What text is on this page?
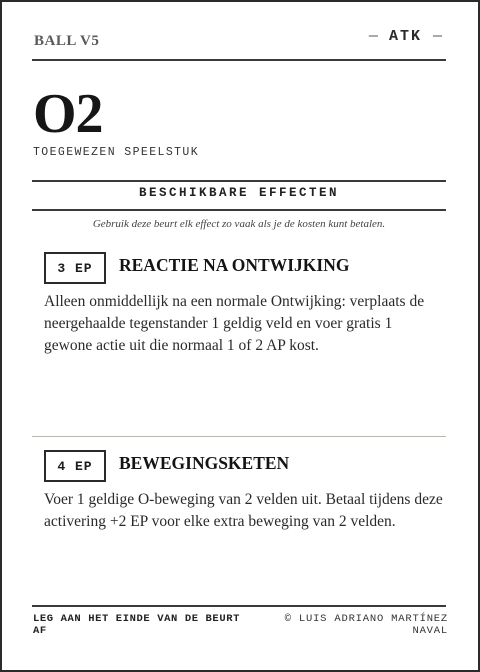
BALL V5	— ATK —
O2
TOEGEWEZEN SPEELSTUK
BESCHIKBARE EFFECTEN
Gebruik deze beurt elk effect zo vaak als je de kosten kunt betalen.
3 EP	REACTIE NA ONTWIJKING
Alleen onmiddellijk na een normale Ontwijking: verplaats de neergehaalde tegenstander 1 geldig veld en voer gratis 1 gewone actie uit die normaal 1 of 2 AP kost.
4 EP	BEWEGINGSKETEN
Voer 1 geldige O-beweging van 2 velden uit. Betaal tijdens deze activering +2 EP voor elke extra beweging van 2 velden.
LEG AAN HET EINDE VAN DE BEURT AF
© LUIS ADRIANO MARTÍNEZ NAVAL
